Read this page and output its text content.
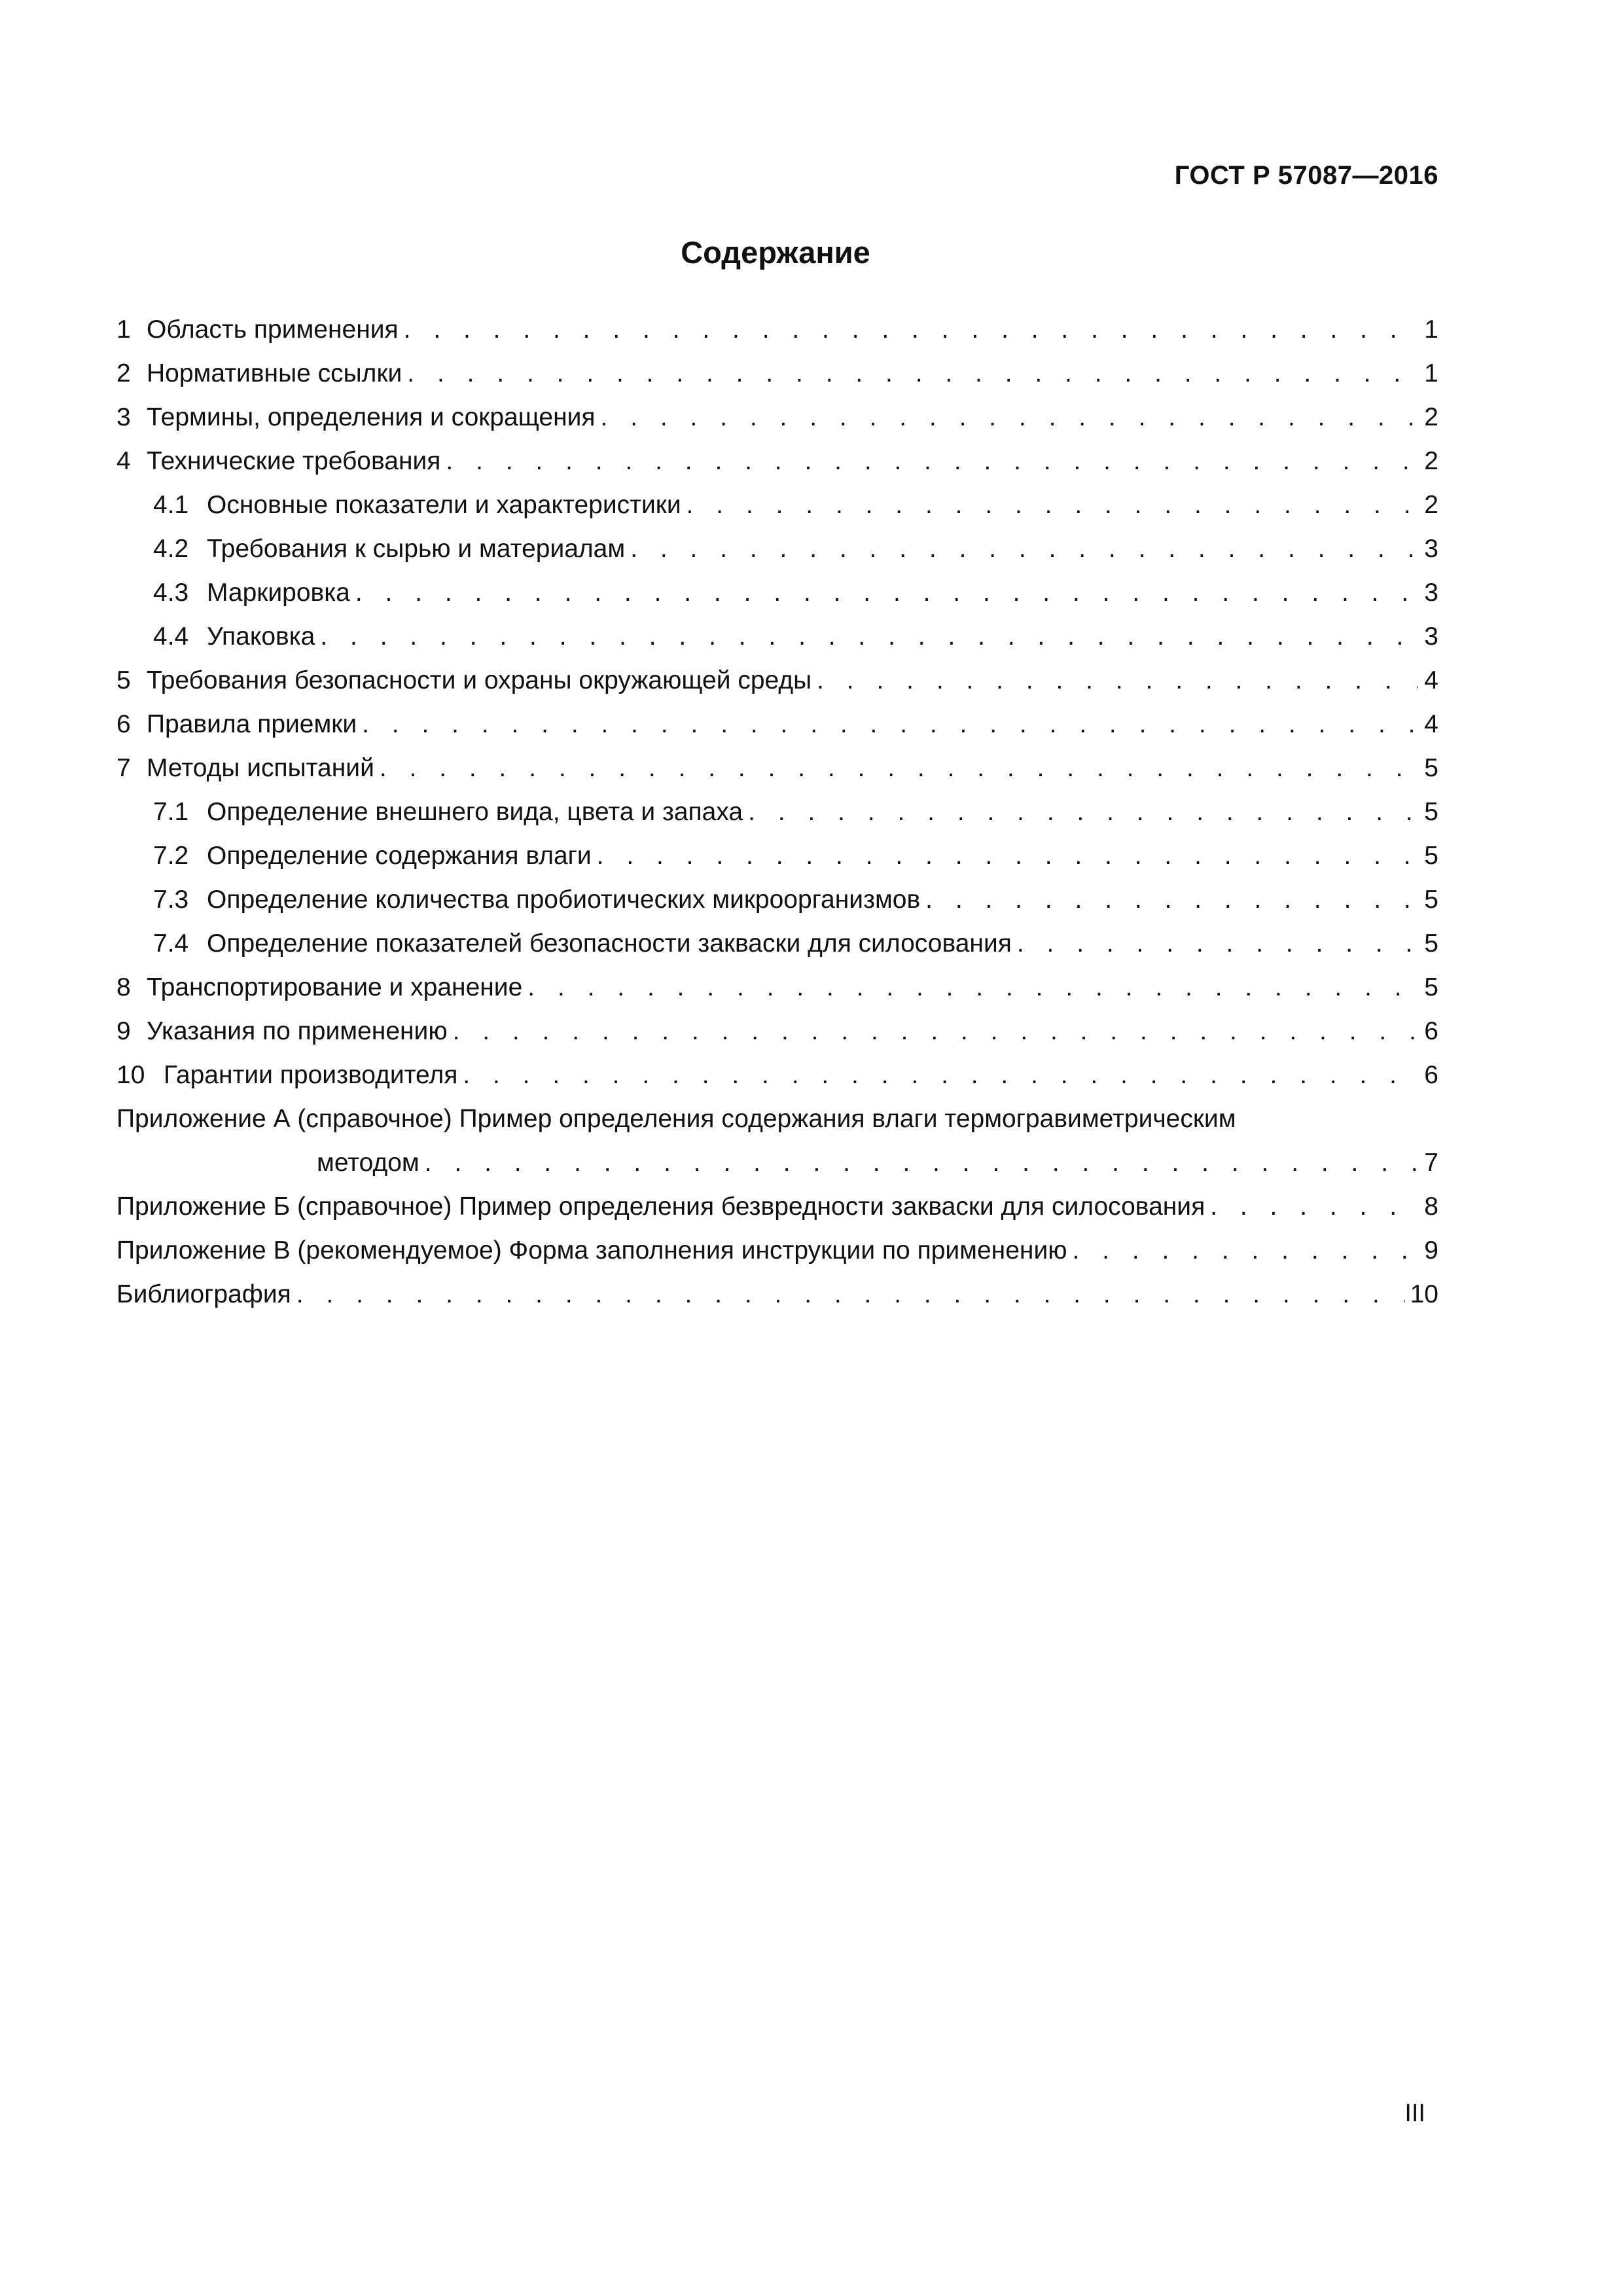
ГОСТ Р 57087—2016
Содержание
1 Область применения . . .	1
2 Нормативные ссылки . . .	1
3 Термины, определения и сокращения . . .	2
4 Технические требования . . .	2
4.1 Основные показатели и характеристики . . .	2
4.2 Требования к сырью и материалам . . .	3
4.3 Маркировка . . .	3
4.4 Упаковка . . .	3
5 Требования безопасности и охраны окружающей среды . . .	4
6 Правила приемки . . .	4
7 Методы испытаний . . .	5
7.1 Определение внешнего вида, цвета и запаха . . .	5
7.2 Определение содержания влаги . . .	5
7.3 Определение количества пробиотических микроорганизмов . . .	5
7.4 Определение показателей безопасности закваски для силосования . . .	5
8 Транспортирование и хранение . . .	5
9 Указания по применению . . .	6
10 Гарантии производителя . . .	6
Приложение А (справочное) Пример определения содержания влаги термогравиметрическим
методом . . .	7
Приложение Б (справочное) Пример определения безвредности закваски для силосования . . .	8
Приложение В (рекомендуемое) Форма заполнения инструкции по применению . . .	9
Библиография . . .	10
III
